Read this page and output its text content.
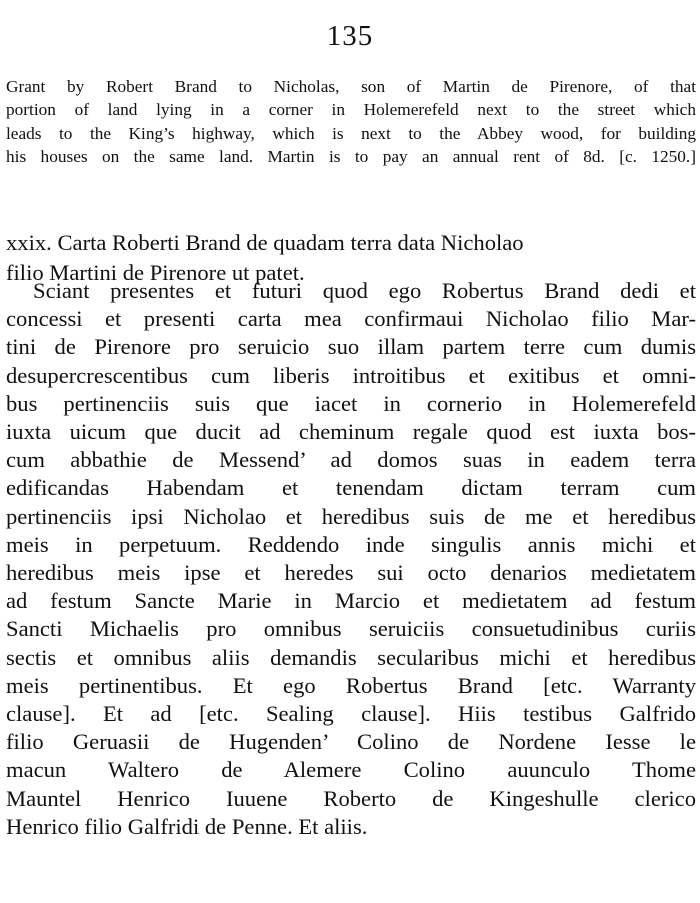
135
Grant by Robert Brand to Nicholas, son of Martin de Pirenore, of that
portion of land lying in a corner in Holemerefeld next to the street which
leads to the King’s highway, which is next to the Abbey wood, for building
his houses on the same land. Martin is to pay an annual rent of 8d. [c. 1250.]
xxix. Carta Roberti Brand de quadam terra data Nicholao
filio Martini de Pirenore ut patet.
Sciant presentes et futuri quod ego Robertus Brand dedi et
concessi et presenti carta mea confirmaui Nicholao filio Mar-
tini de Pirenore pro seruicio suo illam partem terre cum dumis
desupercrescentibus cum liberis introitibus et exitibus et omni-
bus pertinenciis suis que iacet in cornerio in Holemerefeld
iuxta uicum que ducit ad cheminum regale quod est iuxta bos-
cum abbathie de Messend’ ad domos suas in eadem terra
edificandas Habendam et tenendam dictam terram cum
pertinenciis ipsi Nicholao et heredibus suis de me et heredibus
meis in perpetuum. Reddendo inde singulis annis michi et
heredibus meis ipse et heredes sui octo denarios medietatem
ad festum Sancte Marie in Marcio et medietatem ad festum
Sancti Michaelis pro omnibus seruiciis consuetudinibus curiis
sectis et omnibus aliis demandis secularibus michi et heredibus
meis pertinentibus. Et ego Robertus Brand [etc. Warranty
clause]. Et ad [etc. Sealing clause]. Hiis testibus Galfrido
filio Geruasii de Hugenden’ Colino de Nordene Iesse le
macun Waltero de Alemere Colino auunculo Thome
Mauntel Henrico Iuuene Roberto de Kingeshulle clerico
Henrico filio Galfridi de Penne. Et aliis.
